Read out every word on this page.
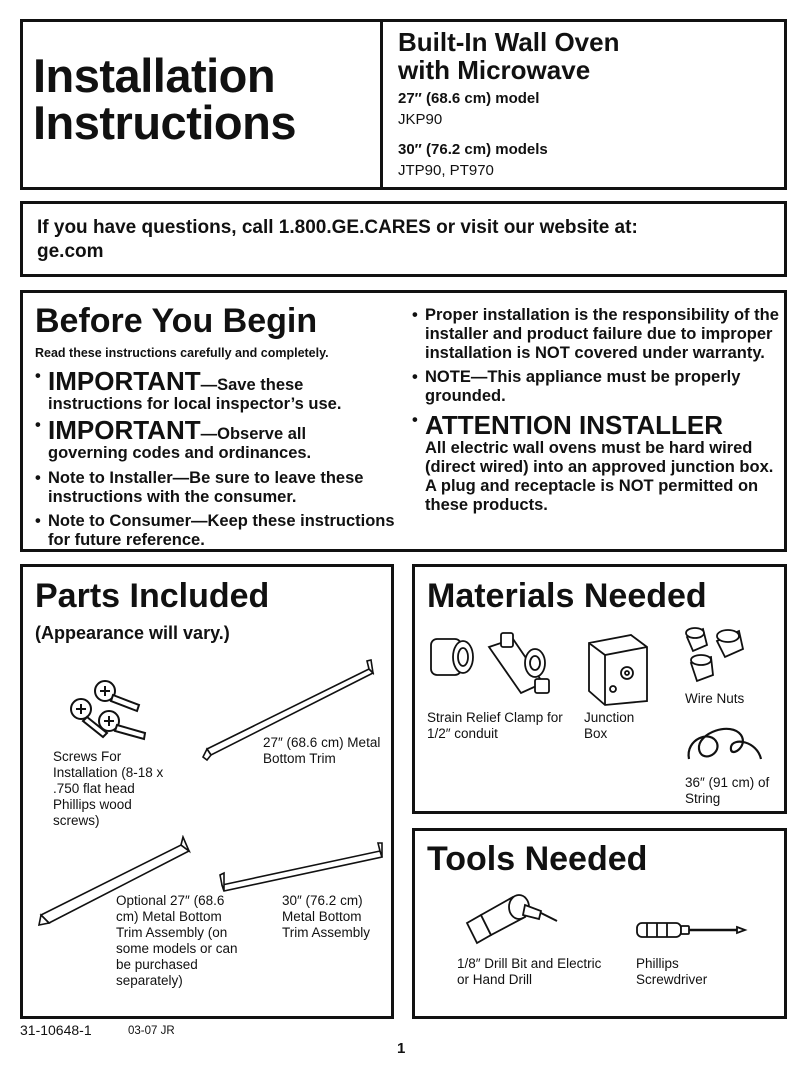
Installation
Instructions
Built-In Wall Oven
with Microwave
27″ (68.6 cm) model
JKP90
30″ (76.2 cm) models
JTP90, PT970
If you have questions, call 1.800.GE.CARES or visit our website at:
ge.com
Before You Begin
Read these instructions carefully and completely.
• IMPORTANT—Save these
instructions for local inspector’s use.
• IMPORTANT—Observe all
governing codes and ordinances.
• Note to Installer—Be sure to leave these instructions with the consumer.
• Note to Consumer—Keep these instructions for future reference.
• Proper installation is the responsibility of the installer and product failure due to improper installation is NOT covered under warranty.
• NOTE—This appliance must be properly grounded.
• ATTENTION INSTALLER
All electric wall ovens must be hard wired (direct wired) into an approved junction box. A plug and receptacle is NOT permitted on these products.
Parts Included
(Appearance will vary.)
Screws For Installation (8-18 x .750 flat head Phillips wood screws)
27″ (68.6 cm) Metal Bottom Trim
Optional 27″ (68.6 cm) Metal Bottom Trim Assembly (on some models or can be purchased separately)
30″ (76.2 cm) Metal Bottom Trim Assembly
Materials Needed
Strain Relief Clamp for 1/2″ conduit
Junction Box
Wire Nuts
36″ (91 cm) of String
Tools Needed
1/8″ Drill Bit and Electric or Hand Drill
Phillips Screwdriver
31-10648-1	03-07 JR
1
